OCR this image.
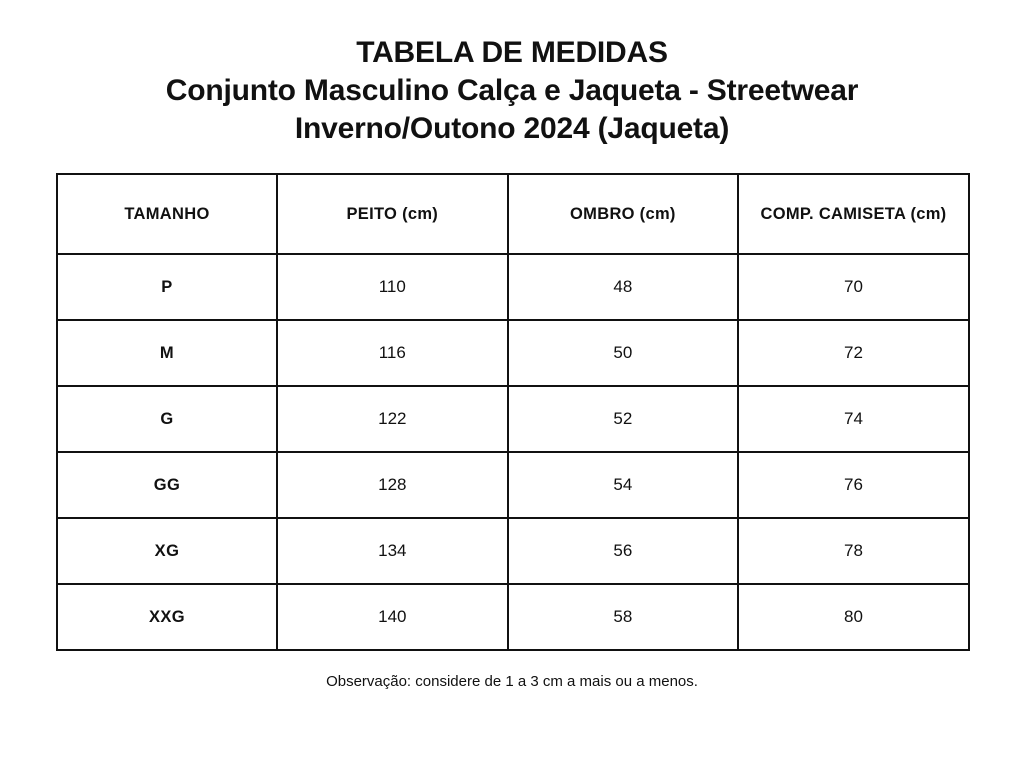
TABELA DE MEDIDAS
Conjunto Masculino Calça e Jaqueta - Streetwear
Inverno/Outono 2024 (Jaqueta)
TAMANHO	PEITO (cm)	OMBRO (cm)	COMP. CAMISETA (cm)
P	110	48	70
M	116	50	72
G	122	52	74
GG	128	54	76
XG	134	56	78
XXG	140	58	80
Observação: considere de 1 a 3 cm a mais ou a menos.
